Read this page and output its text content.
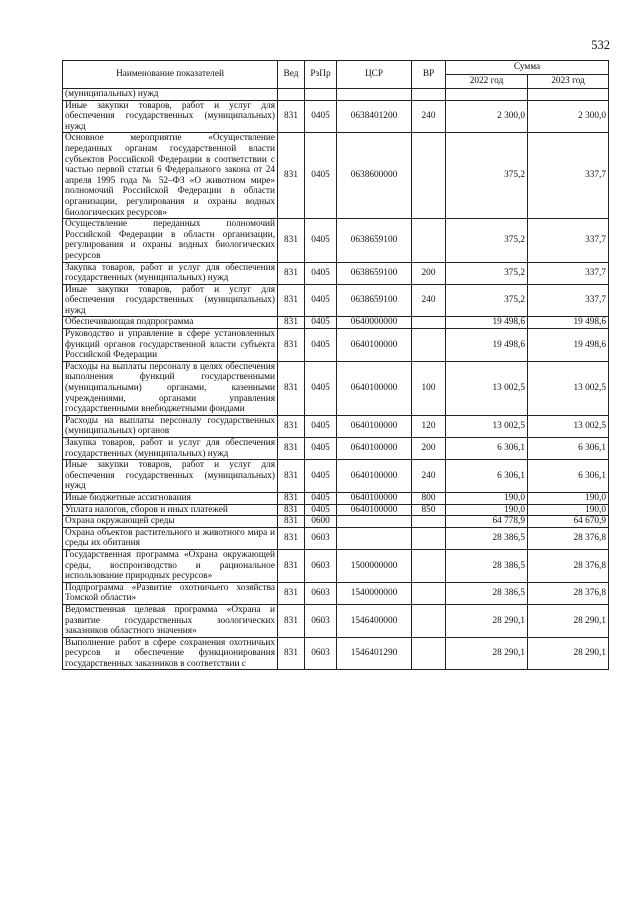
532
Наименование показателей	Вед	РзПр	ЦСР	ВР	Сумма	
					2022 год	2023 год
(муниципальных) нужд						
Иные закупки товаров, работ и услуг для обеспечения государственных (муниципальных) нужд	831	0405	0638401200	240	2 300,0	2 300,0
Основное мероприятие «Осуществление переданных органам государственной власти субъектов Российской Федерации в соответствии с частью первой статьи 6 Федерального закона от 24 апреля 1995 года № 52–ФЗ «О животном мире» полномочий Российской Федерации в области организации, регулирования и охраны водных биологических ресурсов»	831	0405	0638600000		375,2	337,7
Осуществление переданных полномочий Российской Федерации в области организации, регулирования и охраны водных биологических ресурсов	831	0405	0638659100		375,2	337,7
Закупка товаров, работ и услуг для обеспечения государственных (муниципальных) нужд	831	0405	0638659100	200	375,2	337,7
Иные закупки товаров, работ и услуг для обеспечения государственных (муниципальных) нужд	831	0405	0638659100	240	375,2	337,7
Обеспечивающая подпрограмма	831	0405	0640000000		19 498,6	19 498,6
Руководство и управление в сфере установленных функций органов государственной власти субъекта Российской Федерации	831	0405	0640100000		19 498,6	19 498,6
Расходы на выплаты персоналу в целях обеспечения выполнения функций государственными (муниципальными) органами, казенными учреждениями, органами управления государственными внебюджетными фондами	831	0405	0640100000	100	13 002,5	13 002,5
Расходы на выплаты персоналу государственных (муниципальных) органов	831	0405	0640100000	120	13 002,5	13 002,5
Закупка товаров, работ и услуг для обеспечения государственных (муниципальных) нужд	831	0405	0640100000	200	6 306,1	6 306,1
Иные закупки товаров, работ и услуг для обеспечения государственных (муниципальных) нужд	831	0405	0640100000	240	6 306,1	6 306,1
Иные бюджетные ассигнования	831	0405	0640100000	800	190,0	190,0
Уплата налогов, сборов и иных платежей	831	0405	0640100000	850	190,0	190,0
Охрана окружающей среды	831	0600			64 778,9	64 670,9
Охрана объектов растительного и животного мира и среды их обитания	831	0603			28 386,5	28 376,8
Государственная программа «Охрана окружающей среды, воспроизводство и рациональное использование природных ресурсов»	831	0603	1500000000		28 386,5	28 376,8
Подпрограмма «Развитие охотничьего хозяйства Томской области»	831	0603	1540000000		28 386,5	28 376,8
Ведомственная целевая программа «Охрана и развитие государственных зоологических заказников областного значения»	831	0603	1546400000		28 290,1	28 290,1
Выполнение работ в сфере сохранения охотничьих ресурсов и обеспечение функционирования государственных заказников в соответствии с	831	0603	1546401290		28 290,1	28 290,1
